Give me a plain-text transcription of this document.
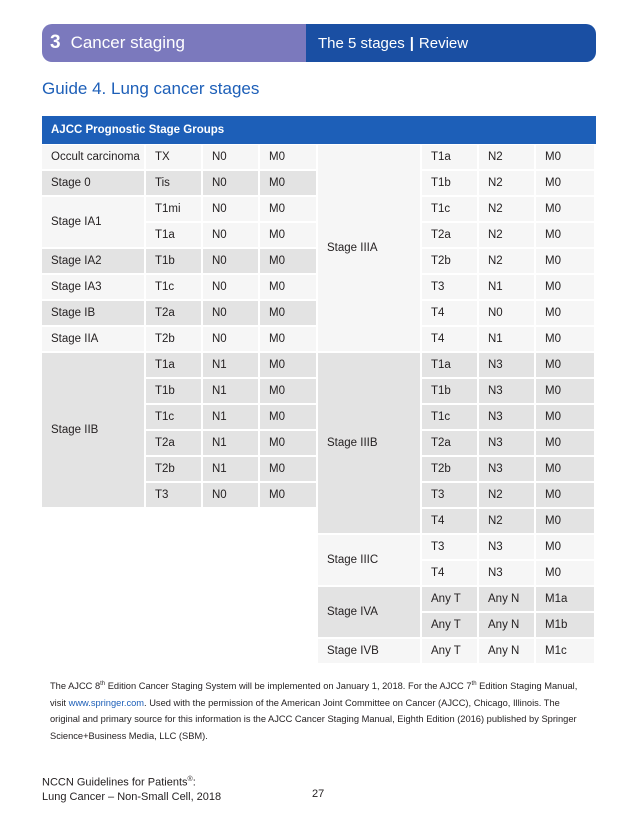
3 Cancer staging	The 5 stages | Review
Guide 4. Lung cancer stages
AJCC Prognostic Stage Groups
Occult carcinoma	TX	N0	M0
Stage 0	Tis	N0	M0
Stage IA1
T1mi	N0	M0
T1a	N0	M0
Stage IA2	T1b	N0	M0
Stage IA3	T1c	N0	M0
Stage IB	T2a	N0	M0
Stage IIA	T2b	N0	M0
Stage IIB
T1a	N1	M0
T1b	N1	M0
T1c	N1	M0
T2a	N1	M0
T2b	N1	M0
T3	N0	M0
Stage IIIA
T1a	N2	M0
T1b	N2	M0
T1c	N2	M0
T2a	N2	M0
T2b	N2	M0
T3	N1	M0
T4	N0	M0
T4	N1	M0
Stage IIIB
T1a	N3	M0
T1b	N3	M0
T1c	N3	M0
T2a	N3	M0
T2b	N3	M0
T3	N2	M0
T4	N2	M0
Stage IIIC
T3	N3	M0
T4	N3	M0
Stage IVA
Any T	Any N	M1a
Any T	Any N	M1b
Stage IVB	Any T	Any N	M1c
The AJCC 8th Edition Cancer Staging System will be implemented on January 1, 2018. For the AJCC 7th Edition Staging Manual, visit www.springer.com. Used with the permission of the American Joint Committee on Cancer (AJCC), Chicago, Illinois. The original and primary source for this information is the AJCC Cancer Staging Manual, Eighth Edition (2016) published by Springer Science+Business Media, LLC (SBM).
NCCN Guidelines for Patients®:
Lung Cancer – Non-Small Cell, 2018	27
